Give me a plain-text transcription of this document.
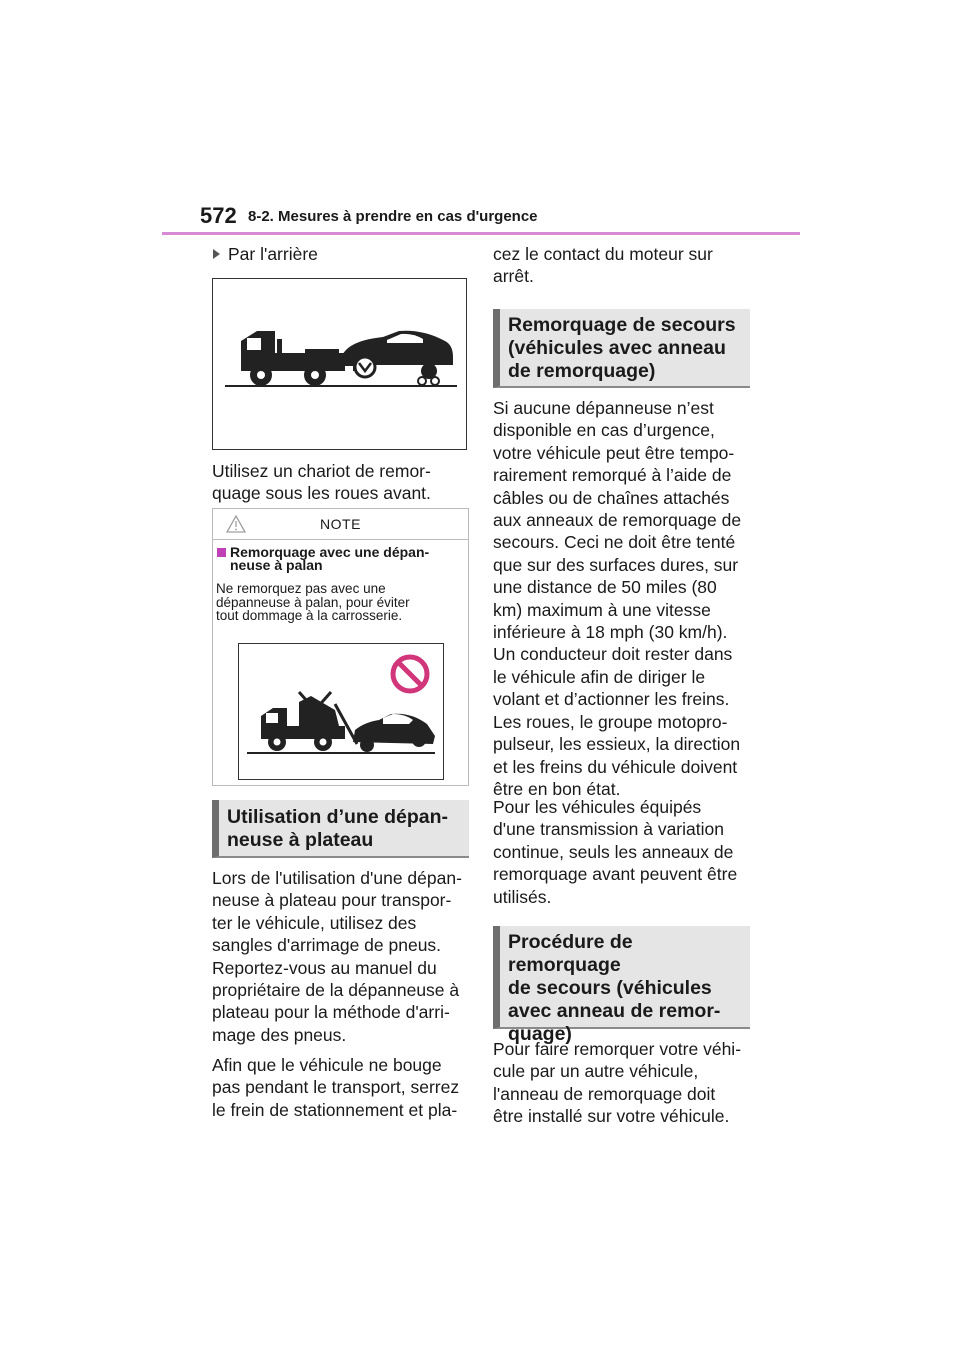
572 8-2. Mesures à prendre en cas d'urgence
Par l'arrière

Utilisez un chariot de remor-

quage sous les roues avant.

NOTE
Remorquage avec une dépan-
neuse à palan
Ne remorquez pas avec une
dépanneuse à palan, pour éviter
tout dommage à la carrosserie.
Utilisation d’une dépan-
neuse à plateau

Lors de l'utilisation d'une dépan-

neuse à plateau pour transpor-

ter le véhicule, utilisez des

sangles d'arrimage de pneus.

Reportez-vous au manuel du

propriétaire de la dépanneuse à

plateau pour la méthode d'arri-

mage des pneus.

Afin que le véhicule ne bouge

pas pendant le transport, serrez

le frein de stationnement et pla-

cez le contact du moteur sur

arrêt.

Remorquage de secours
(véhicules avec anneau
de remorquage)

Si aucune dépanneuse n’est

disponible en cas d’urgence,

votre véhicule peut être tempo-

rairement remorqué à l’aide de

câbles ou de chaînes attachés

aux anneaux de remorquage de

secours. Ceci ne doit être tenté

que sur des surfaces dures, sur

une distance de 50 miles (80

km) maximum à une vitesse

inférieure à 18 mph (30 km/h).

Un conducteur doit rester dans

le véhicule afin de diriger le

volant et d’actionner les freins.

Les roues, le groupe motopro-

pulseur, les essieux, la direction

et les freins du véhicule doivent

être en bon état.

Pour les véhicules équipés

d'une transmission à variation

continue, seuls les anneaux de

remorquage avant peuvent être

utilisés.

Procédure de remorquage
de secours (véhicules
avec anneau de remor-
quage)

Pour faire remorquer votre véhi-

cule par un autre véhicule,

l'anneau de remorquage doit

être installé sur votre véhicule.
